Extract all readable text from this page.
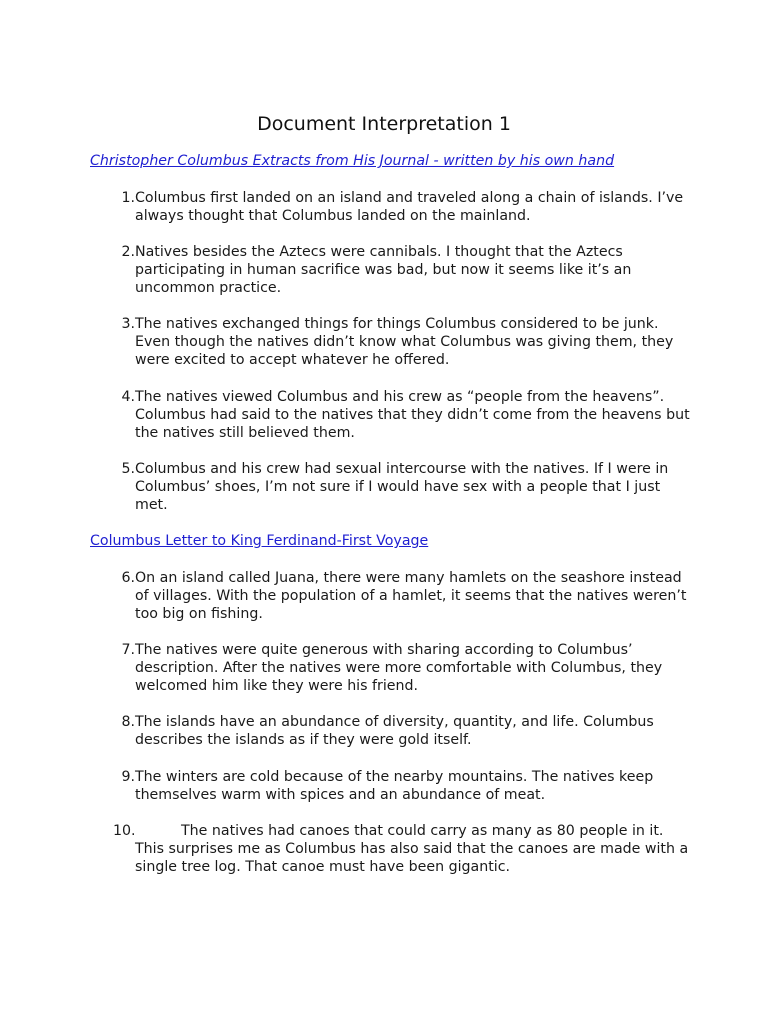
Document Interpretation 1
Christopher Columbus Extracts from His Journal - written by his own hand
1. Columbus first landed on an island and traveled along a chain of islands. I’ve always thought that Columbus landed on the mainland.
2. Natives besides the Aztecs were cannibals. I thought that the Aztecs participating in human sacrifice was bad, but now it seems like it’s an uncommon practice.
3. The natives exchanged things for things Columbus considered to be junk. Even though the natives didn’t know what Columbus was giving them, they were excited to accept whatever he offered.
4. The natives viewed Columbus and his crew as “people from the heavens”. Columbus had said to the natives that they didn’t come from the heavens but the natives still believed them.
5. Columbus and his crew had sexual intercourse with the natives. If I were in Columbus’ shoes, I’m not sure if I would have sex with a people that I just met.
Columbus Letter to King Ferdinand-First Voyage
6. On an island called Juana, there were many hamlets on the seashore instead of villages. With the population of a hamlet, it seems that the natives weren’t too big on fishing.
7. The natives were quite generous with sharing according to Columbus’ description. After the natives were more comfortable with Columbus, they welcomed him like they were his friend.
8. The islands have an abundance of diversity, quantity, and life. Columbus describes the islands as if they were gold itself.
9. The winters are cold because of the nearby mountains. The natives keep themselves warm with spices and an abundance of meat.
10.	The natives had canoes that could carry as many as 80 people in it. This surprises me as Columbus has also said that the canoes are made with a single tree log. That canoe must have been gigantic.
